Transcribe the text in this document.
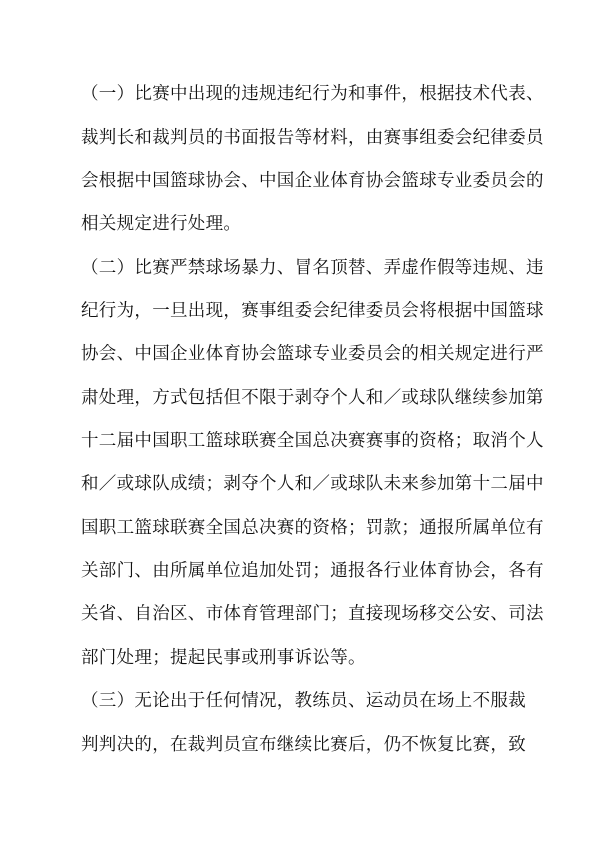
（一）比赛中出现的违规违纪行为和事件，根据技术代表、
裁判长和裁判员的书面报告等材料，由赛事组委会纪律委员
会根据中国篮球协会、中国企业体育协会篮球专业委员会的
相关规定进行处理。
（二）比赛严禁球场暴力、冒名顶替、弄虚作假等违规、违
纪行为，一旦出现，赛事组委会纪律委员会将根据中国篮球
协会、中国企业体育协会篮球专业委员会的相关规定进行严
肃处理，方式包括但不限于剥夺个人和／或球队继续参加第
十二届中国职工篮球联赛全国总决赛赛事的资格；取消个人
和／或球队成绩；剥夺个人和／或球队未来参加第十二届中
国职工篮球联赛全国总决赛的资格；罚款；通报所属单位有
关部门、由所属单位追加处罚；通报各行业体育协会，各有
关省、自治区、市体育管理部门；直接现场移交公安、司法
部门处理；提起民事或刑事诉讼等。
（三）无论出于任何情况，教练员、运动员在场上不服裁
判判决的，在裁判员宣布继续比赛后，仍不恢复比赛，致
